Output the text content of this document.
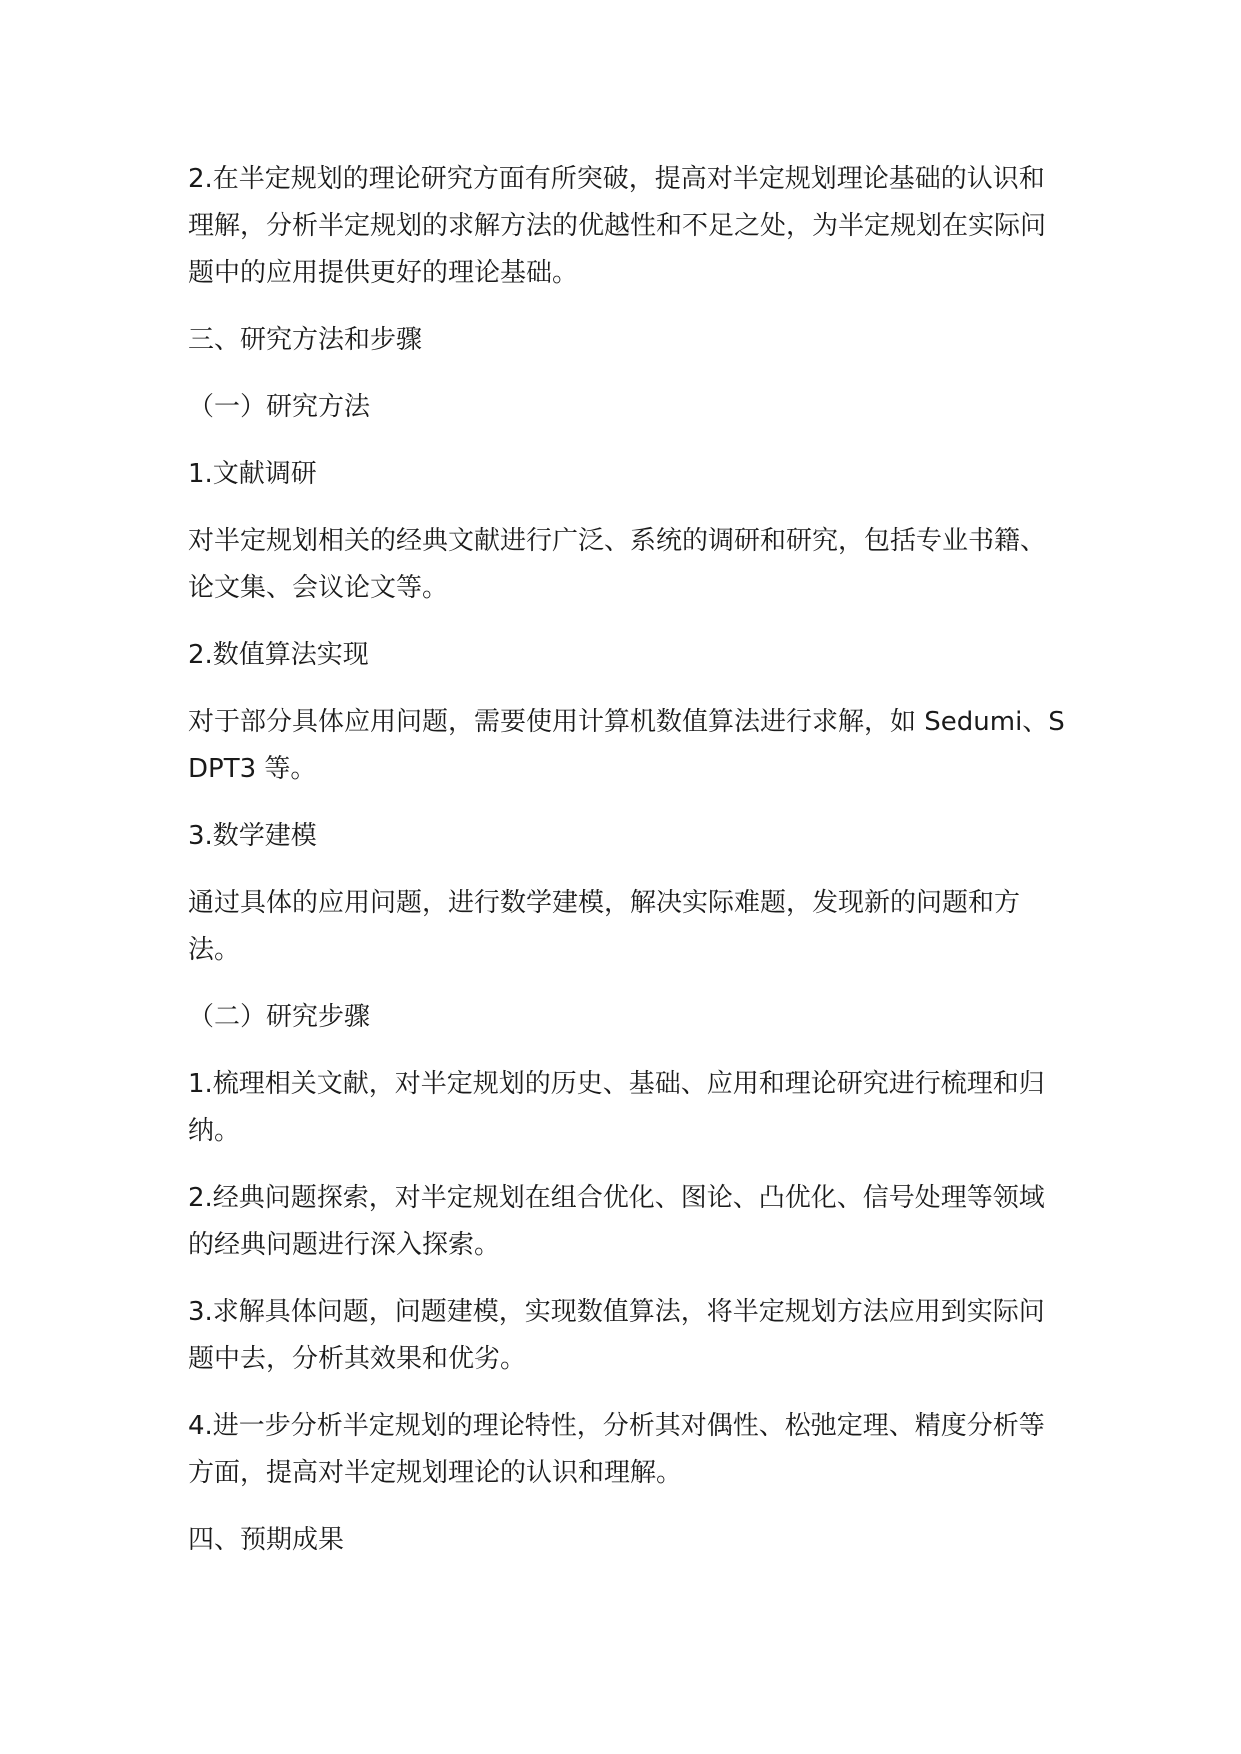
2.在半定规划的理论研究方面有所突破，提高对半定规划理论基础的认识和理解，分析半定规划的求解方法的优越性和不足之处，为半定规划在实际问题中的应用提供更好的理论基础。

三、研究方法和步骤

（一）研究方法

1.文献调研

对半定规划相关的经典文献进行广泛、系统的调研和研究，包括专业书籍、论文集、会议论文等。

2.数值算法实现

对于部分具体应用问题，需要使用计算机数值算法进行求解，如 Sedumi、SDPT3 等。

3.数学建模

通过具体的应用问题，进行数学建模，解决实际难题，发现新的问题和方法。

（二）研究步骤

1.梳理相关文献，对半定规划的历史、基础、应用和理论研究进行梳理和归纳。

2.经典问题探索，对半定规划在组合优化、图论、凸优化、信号处理等领域的经典问题进行深入探索。

3.求解具体问题，问题建模，实现数值算法，将半定规划方法应用到实际问题中去，分析其效果和优劣。

4.进一步分析半定规划的理论特性，分析其对偶性、松弛定理、精度分析等方面，提高对半定规划理论的认识和理解。

四、预期成果
